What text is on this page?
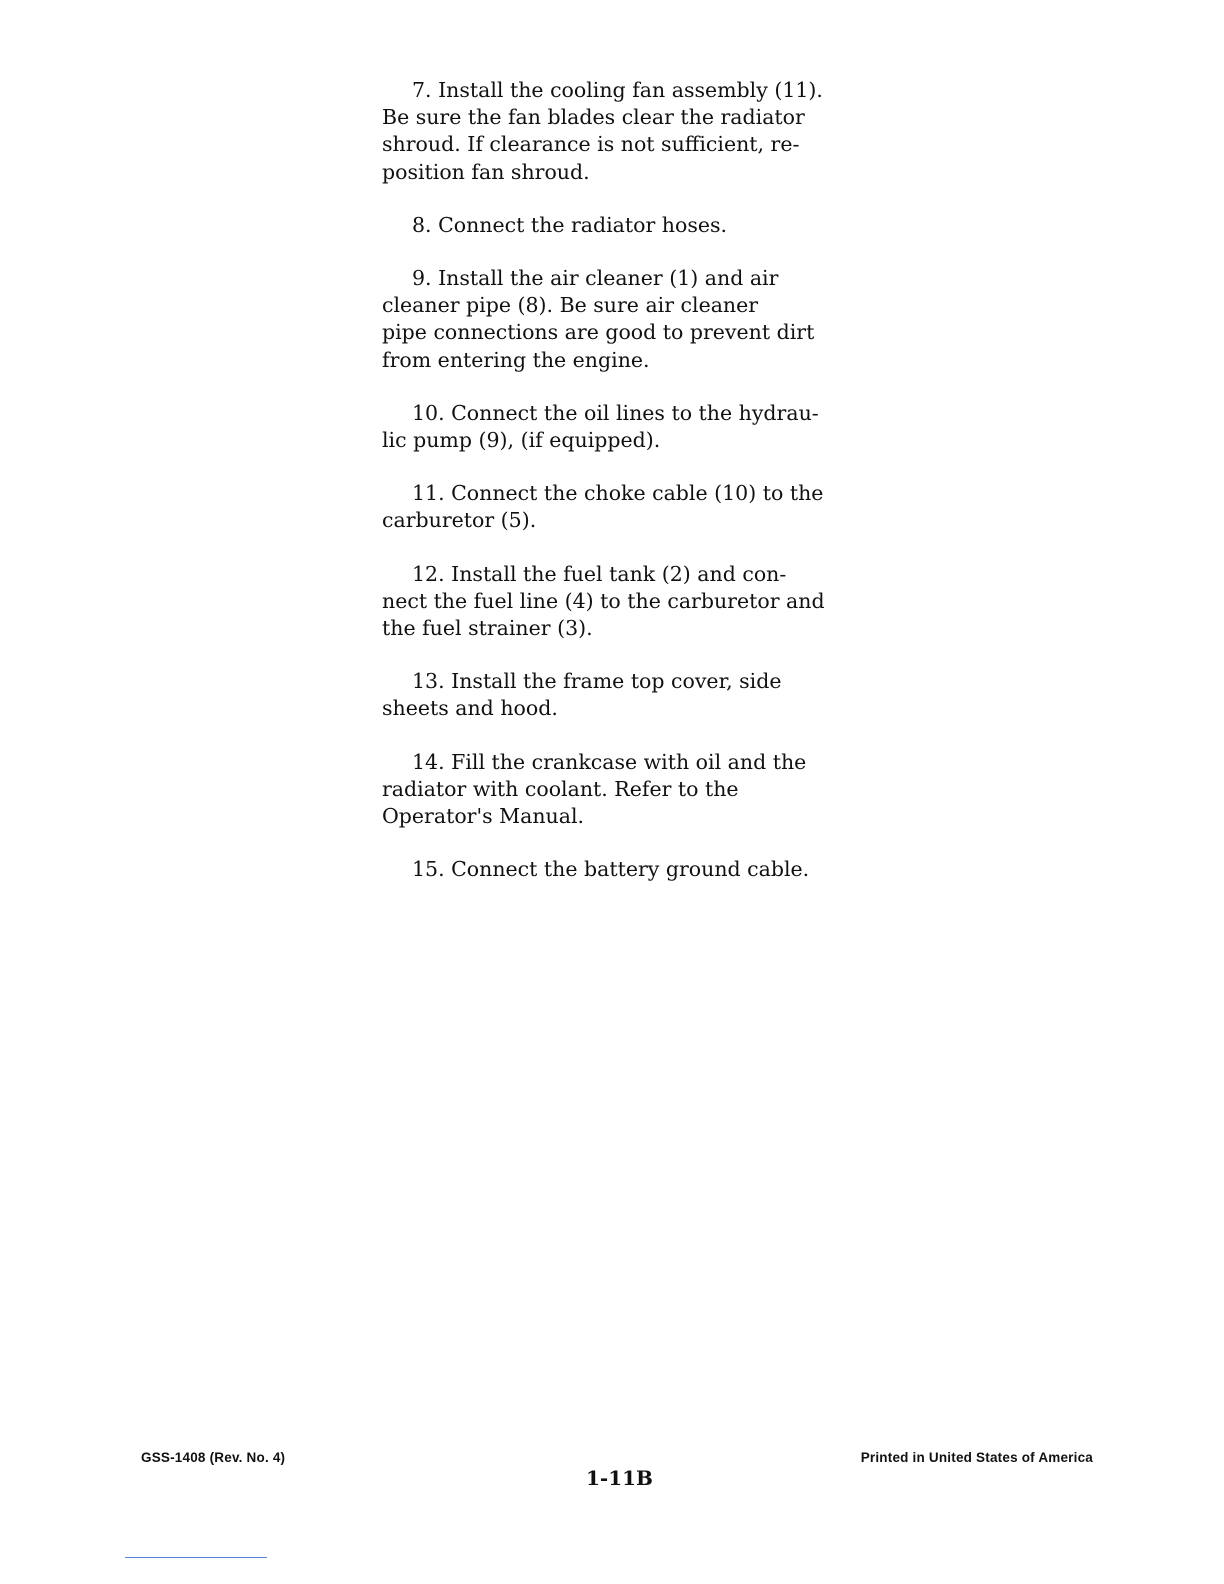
7. Install the cooling fan assembly (11).
Be sure the fan blades clear the radiator
shroud. If clearance is not sufficient, re-
position fan shroud.
8. Connect the radiator hoses.
9. Install the air cleaner (1) and air
cleaner pipe (8). Be sure air cleaner
pipe connections are good to prevent dirt
from entering the engine.
10. Connect the oil lines to the hydrau-
lic pump (9), (if equipped).
11. Connect the choke cable (10) to the
carburetor (5).
12. Install the fuel tank (2) and con-
nect the fuel line (4) to the carburetor and
the fuel strainer (3).
13. Install the frame top cover, side
sheets and hood.
14. Fill the crankcase with oil and the
radiator with coolant. Refer to the
Operator's Manual.
15. Connect the battery ground cable.
GSS-1408 (Rev. No. 4)
1-11B
Printed in United States of America
